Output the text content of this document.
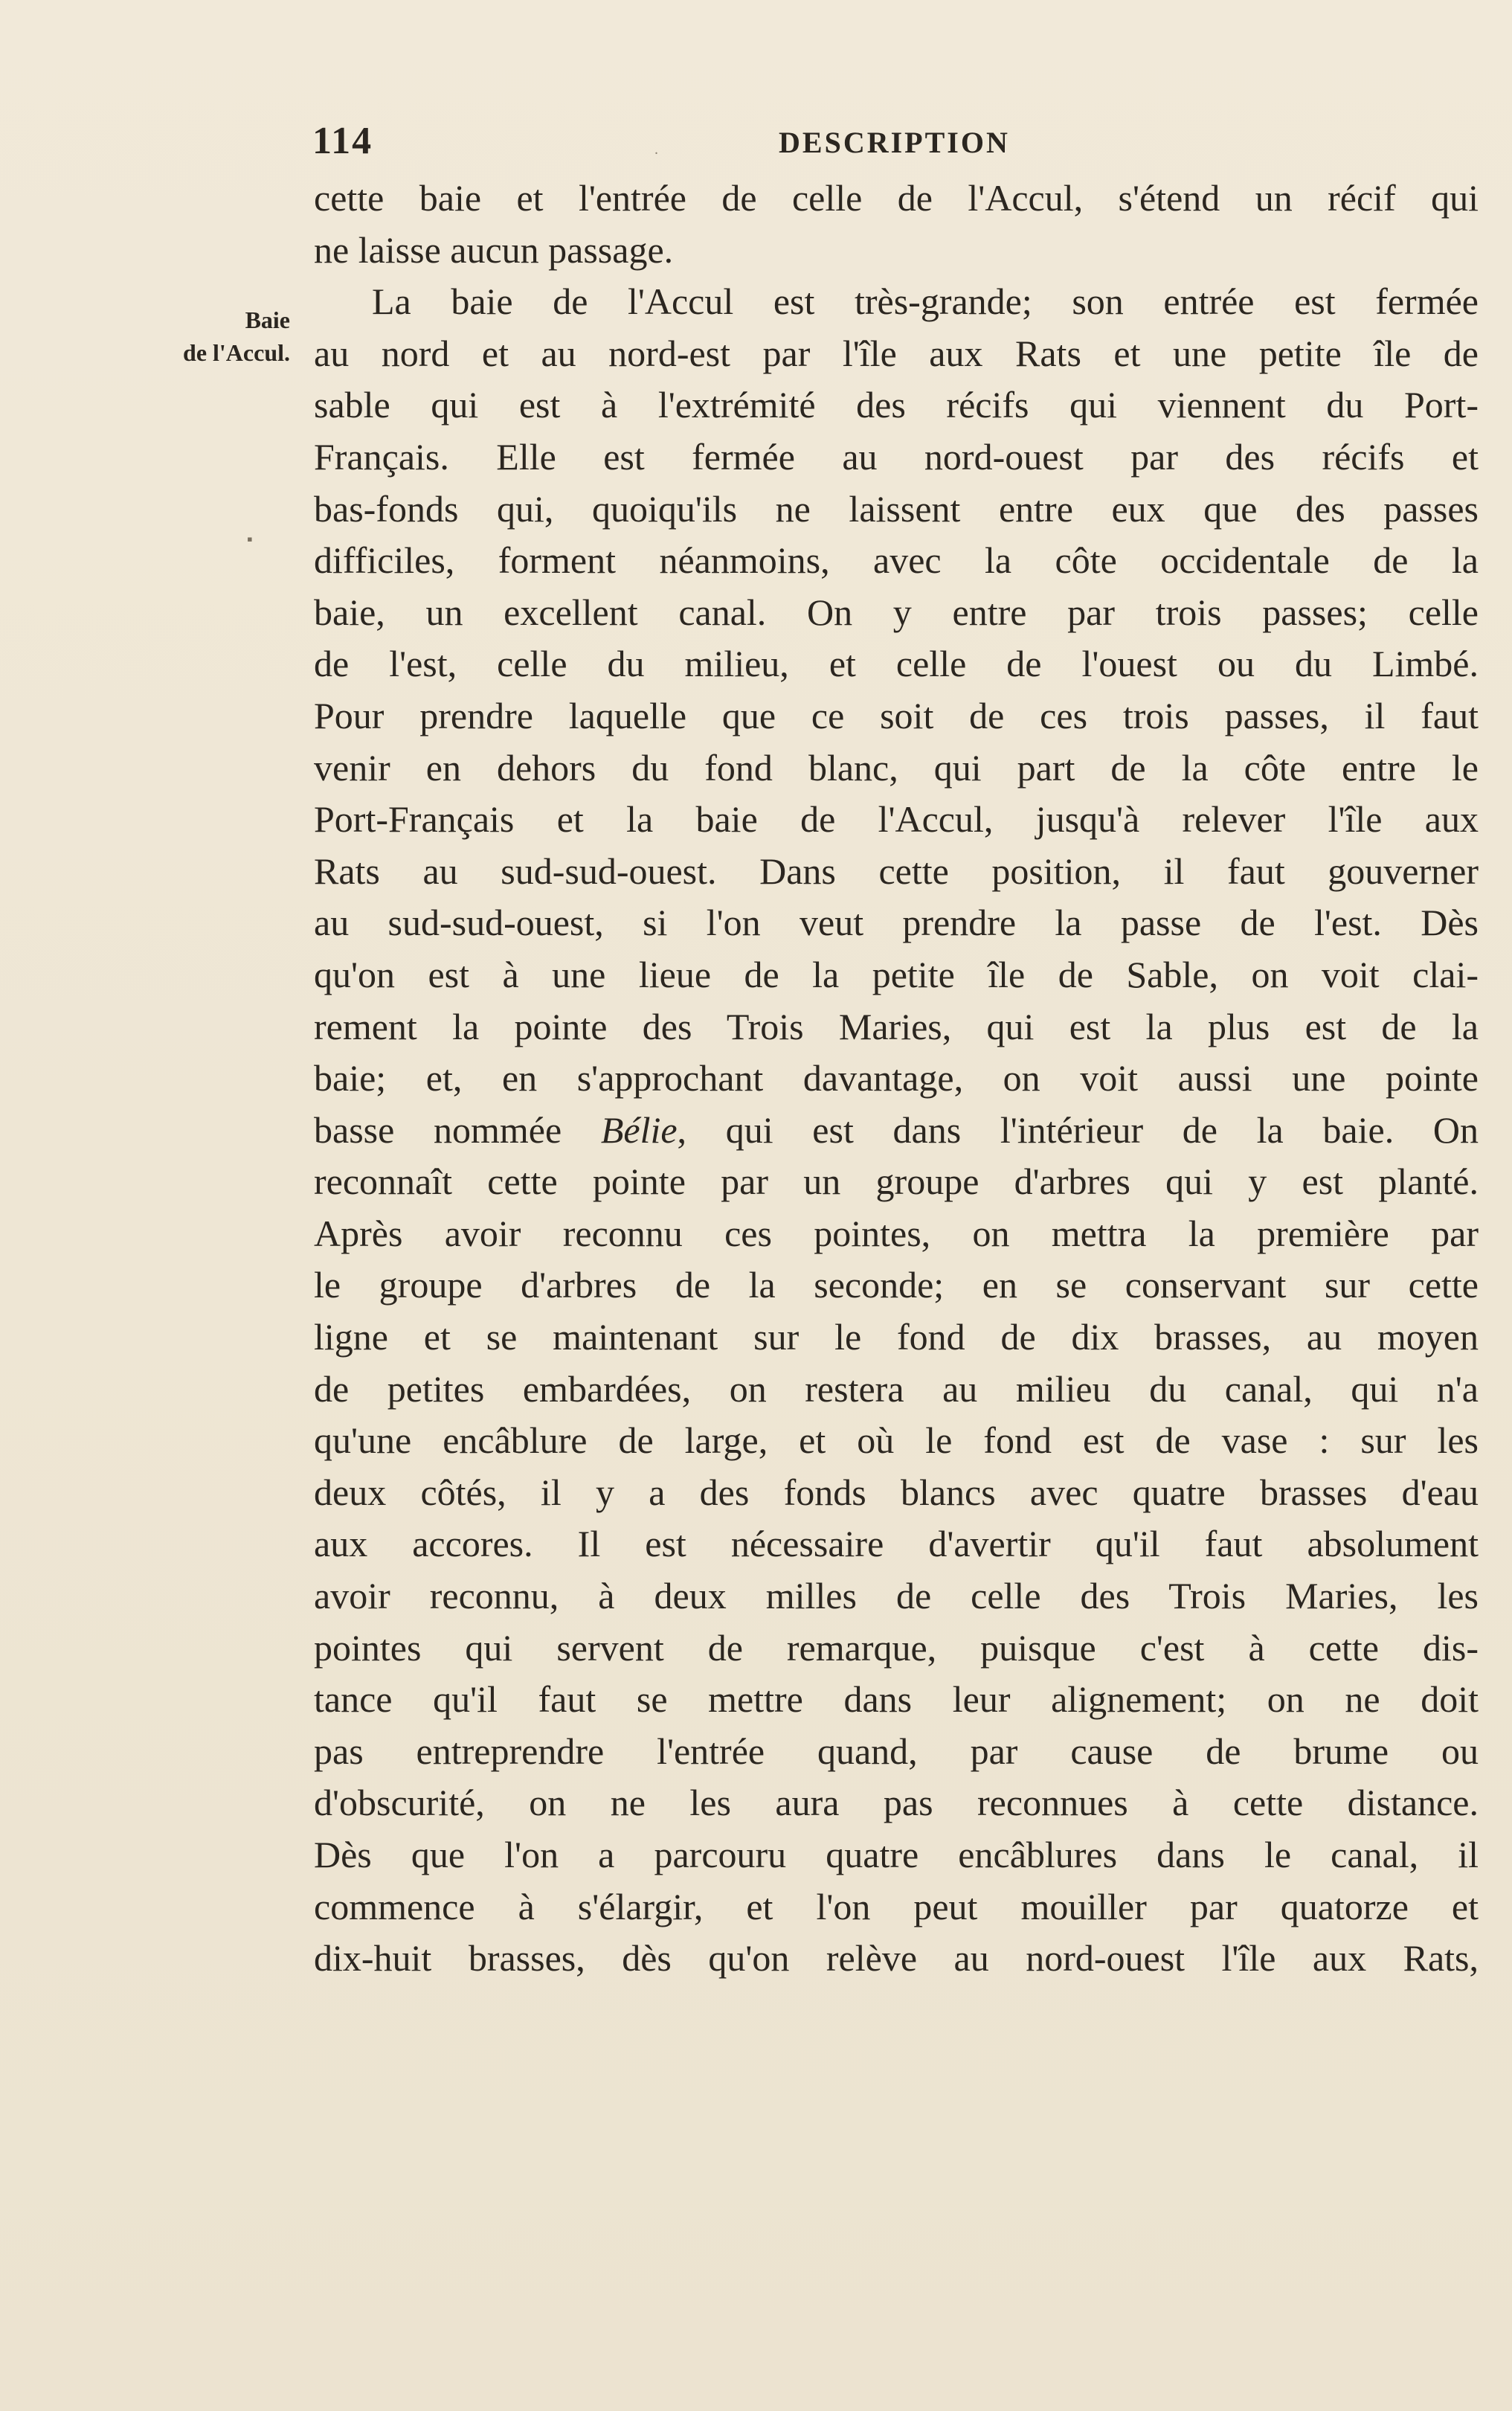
114	.	DESCRIPTION
Baie
de l'Accul.
▪
cette baie et l'entrée de celle de l'Accul, s'étend un récif qui
ne laisse aucun passage.
La baie de l'Accul est très-grande; son entrée est fermée
au nord et au nord-est par l'île aux Rats et une petite île de
sable qui est à l'extrémité des récifs qui viennent du Port-
Français. Elle est fermée au nord-ouest par des récifs et
bas-fonds qui, quoiqu'ils ne laissent entre eux que des passes
difficiles, forment néanmoins, avec la côte occidentale de la
baie, un excellent canal. On y entre par trois passes; celle
de l'est, celle du milieu, et celle de l'ouest ou du Limbé.
Pour prendre laquelle que ce soit de ces trois passes, il faut
venir en dehors du fond blanc, qui part de la côte entre le
Port-Français et la baie de l'Accul, jusqu'à relever l'île aux
Rats au sud-sud-ouest. Dans cette position, il faut gouverner
au sud-sud-ouest, si l'on veut prendre la passe de l'est. Dès
qu'on est à une lieue de la petite île de Sable, on voit clai-
rement la pointe des Trois Maries, qui est la plus est de la
baie; et, en s'approchant davantage, on voit aussi une pointe
basse nommée Bélie, qui est dans l'intérieur de la baie. On
reconnaît cette pointe par un groupe d'arbres qui y est planté.
Après avoir reconnu ces pointes, on mettra la première par
le groupe d'arbres de la seconde; en se conservant sur cette
ligne et se maintenant sur le fond de dix brasses, au moyen
de petites embardées, on restera au milieu du canal, qui n'a
qu'une encâblure de large, et où le fond est de vase : sur les
deux côtés, il y a des fonds blancs avec quatre brasses d'eau
aux accores. Il est nécessaire d'avertir qu'il faut absolument
avoir reconnu, à deux milles de celle des Trois Maries, les
pointes qui servent de remarque, puisque c'est à cette dis-
tance qu'il faut se mettre dans leur alignement; on ne doit
pas entreprendre l'entrée quand, par cause de brume ou
d'obscurité, on ne les aura pas reconnues à cette distance.
Dès que l'on a parcouru quatre encâblures dans le canal, il
commence à s'élargir, et l'on peut mouiller par quatorze et
dix-huit brasses, dès qu'on relève au nord-ouest l'île aux Rats,
